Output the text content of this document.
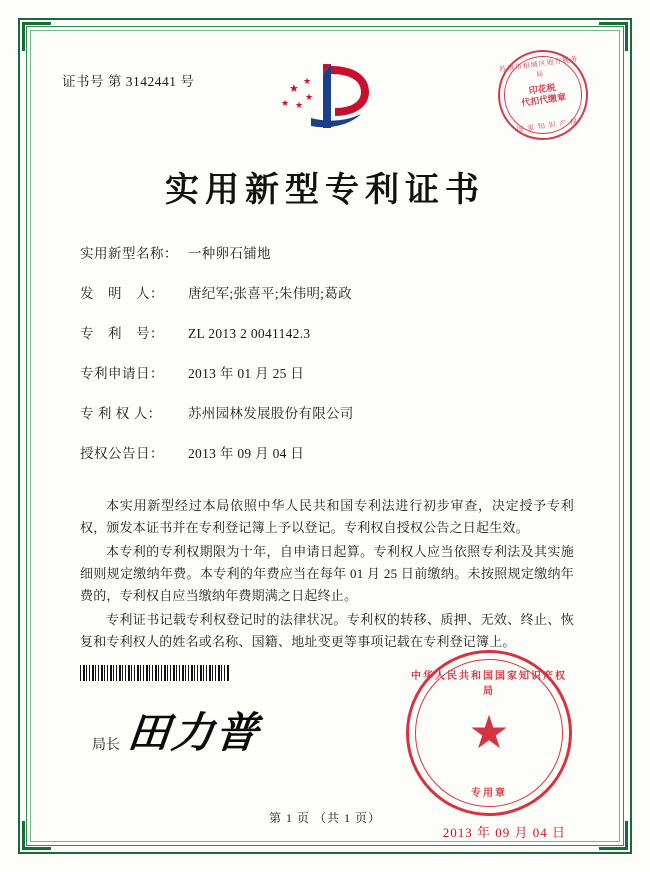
证书号 第 3142441 号
苏州市相城区地方税务局
印花税
代扣代缴章
国 家 知 识 产 权
★ ★
★
★
★
实用新型专利证书
实用新型名称： 一种卵石铺地
发　明　人：	唐纪军;张喜平;朱伟明;葛政
专　利　号：	ZL 2013 2 0041142.3
专利申请日：	2013 年 01 月 25 日
专 利 权 人：	苏州园林发展股份有限公司
授权公告日：	2013 年 09 月 04 日

本实用新型经过本局依照中华人民共和国专利法进行初步审查，决定授予专利权，颁发本证书并在专利登记簿上予以登记。专利权自授权公告之日起生效。

本专利的专利权期限为十年，自申请日起算。专利权人应当依照专利法及其实施细则规定缴纳年费。本专利的年费应当在每年 01 月 25 日前缴纳。未按照规定缴纳年费的，专利权自应当缴纳年费期满之日起终止。

专利证书记载专利权登记时的法律状况。专利权的转移、质押、无效、终止、恢复和专利权人的姓名或名称、国籍、地址变更等事项记载在专利登记簿上。

局长 田力普
中华人民共和国国家知识产权局
★
专用章
2013 年 09 月 04 日
第 1 页 （共 1 页）
